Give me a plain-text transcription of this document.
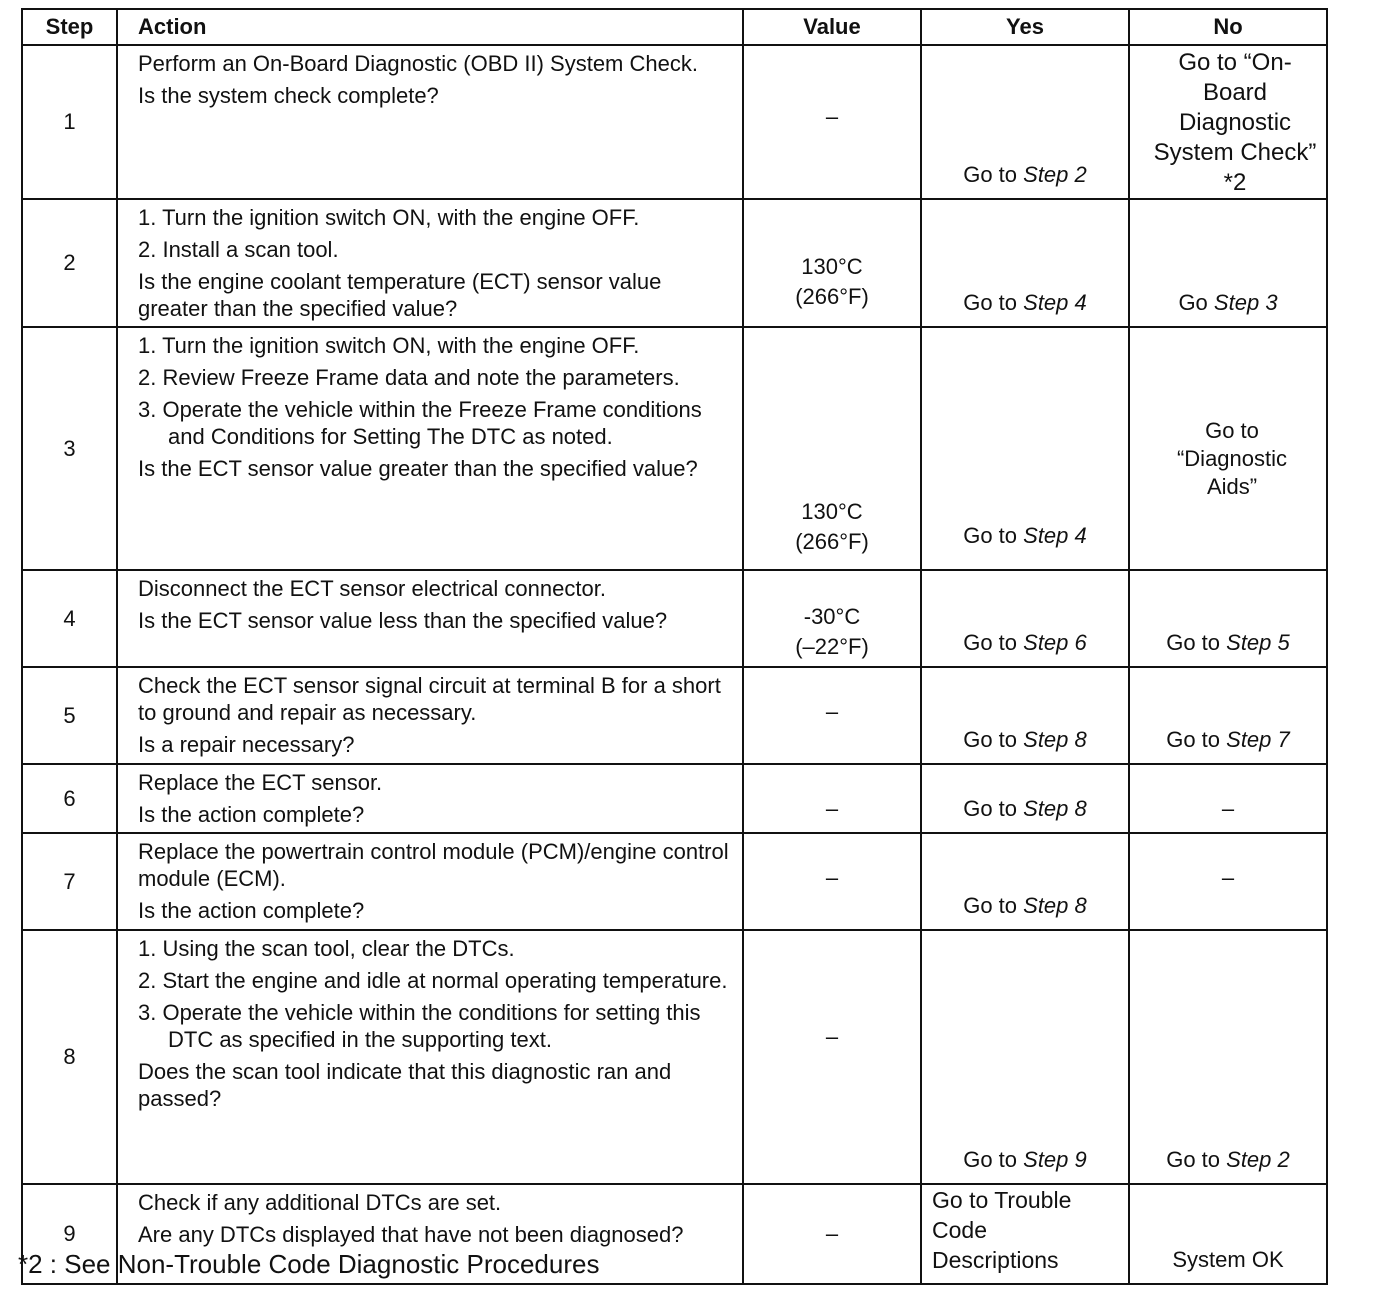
Step	Action	Value	Yes	No
1	Perform an On-Board Diagnostic (OBD II) System Check.
Is the system check complete?	–	Go to Step 2	Go to “On-Board Diagnostic System Check” *2
2	1. Turn the ignition switch ON, with the engine OFF.
2. Install a scan tool.
Is the engine coolant temperature (ECT) sensor value greater than the specified value?	130°C
(266°F)	Go to Step 4	Go Step 3
3	1. Turn the ignition switch ON, with the engine OFF.
2. Review Freeze Frame data and note the parameters.
3. Operate the vehicle within the Freeze Frame conditions and Conditions for Setting The DTC as noted.
Is the ECT sensor value greater than the specified value?	130°C
(266°F)	Go to Step 4	Go to “Diagnostic Aids”
4	Disconnect the ECT sensor electrical connector.
Is the ECT sensor value less than the specified value?	-30°C
(–22°F)	Go to Step 6	Go to Step 5
5	Check the ECT sensor signal circuit at terminal B for a short to ground and repair as necessary.
Is a repair necessary?	–	Go to Step 8	Go to Step 7
6	Replace the ECT sensor.
Is the action complete?	–	Go to Step 8	–
7	Replace the powertrain control module (PCM)/engine control module (ECM).
Is the action complete?	–	Go to Step 8	–
8	1. Using the scan tool, clear the DTCs.
2. Start the engine and idle at normal operating temperature.
3. Operate the vehicle within the conditions for setting this DTC as specified in the supporting text.
Does the scan tool indicate that this diagnostic ran and passed?	–	Go to Step 9	Go to Step 2
9	Check if any additional DTCs are set.
Are any DTCs displayed that have not been diagnosed?	–	Go to Trouble Code Descriptions	System OK
*2 : See Non-Trouble Code Diagnostic Procedures
